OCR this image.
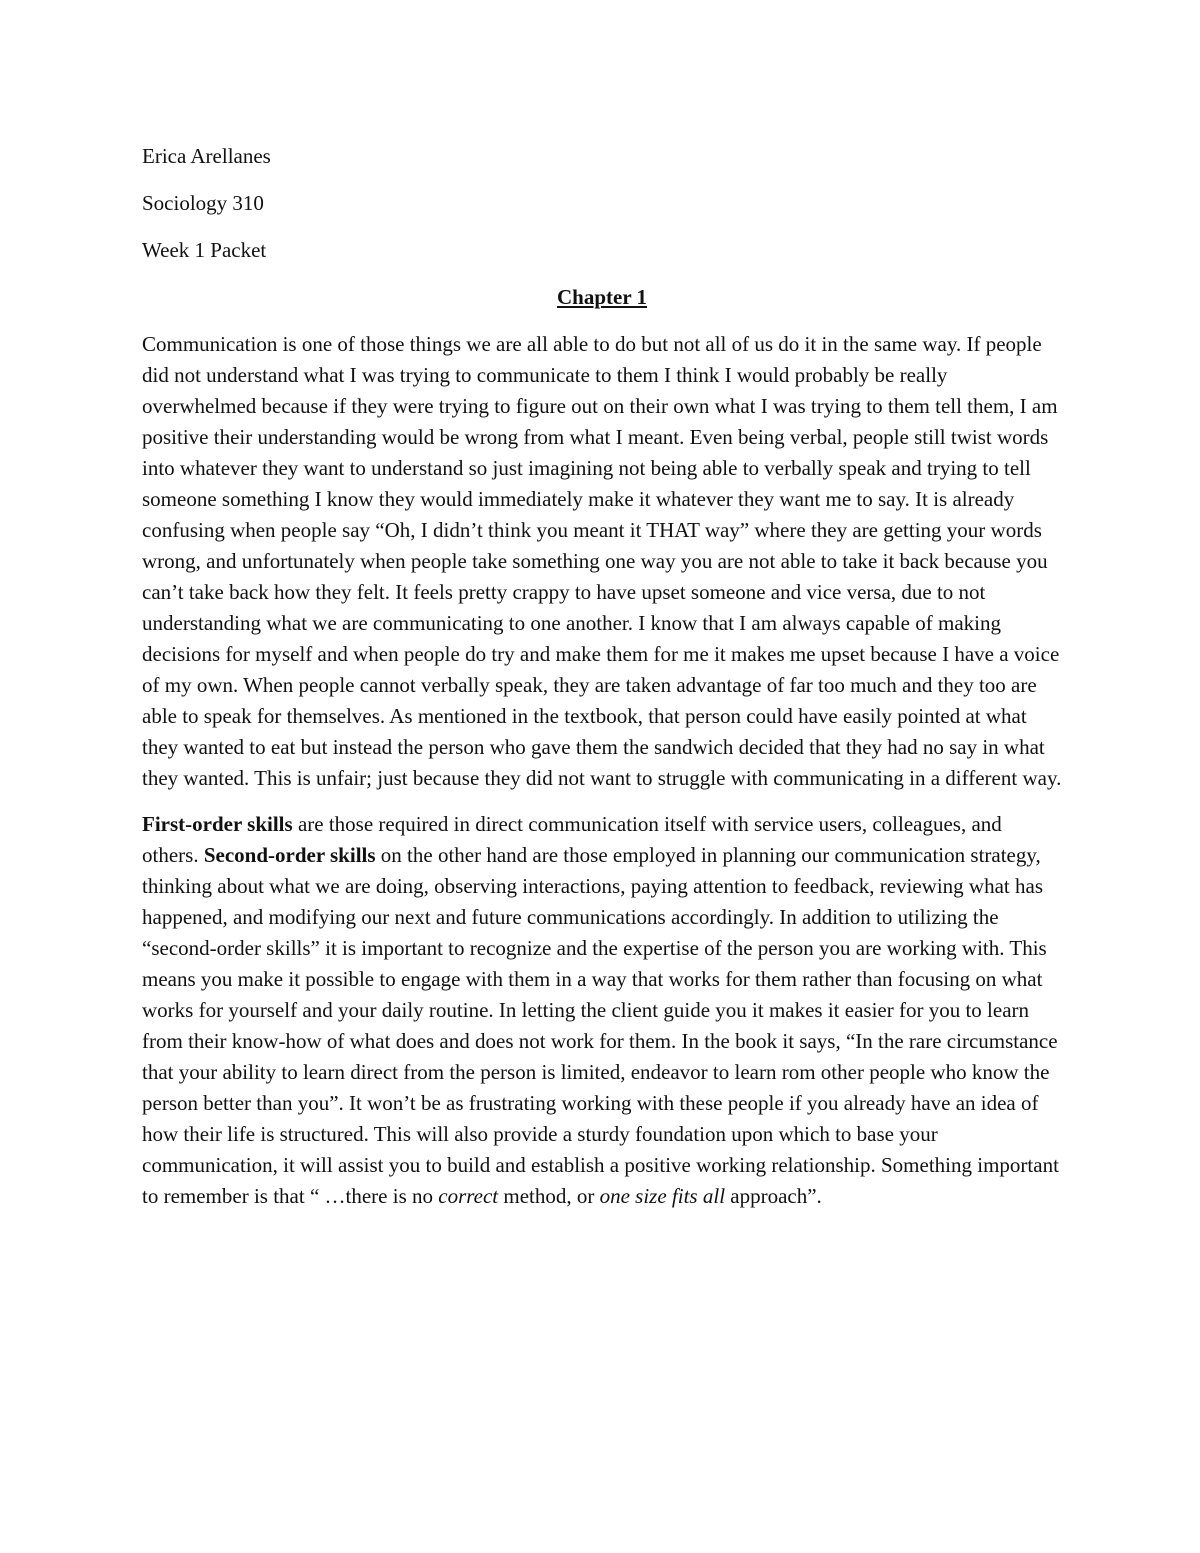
Erica Arellanes

Sociology 310

Week 1 Packet

Chapter 1

Communication is one of those things we are all able to do but not all of us do it in the same way. If people did not understand what I was trying to communicate to them I think I would probably be really overwhelmed because if they were trying to figure out on their own what I was trying to them tell them, I am positive their understanding would be wrong from what I meant. Even being verbal, people still twist words into whatever they want to understand so just imagining not being able to verbally speak and trying to tell someone something I know they would immediately make it whatever they want me to say. It is already confusing when people say “Oh, I didn’t think you meant it THAT way” where they are getting your words wrong, and unfortunately when people take something one way you are not able to take it back because you can’t take back how they felt. It feels pretty crappy to have upset someone and vice versa, due to not understanding what we are communicating to one another. I know that I am always capable of making decisions for myself and when people do try and make them for me it makes me upset because I have a voice of my own. When people cannot verbally speak, they are taken advantage of far too much and they too are able to speak for themselves. As mentioned in the textbook, that person could have easily pointed at what they wanted to eat but instead the person who gave them the sandwich decided that they had no say in what they wanted. This is unfair; just because they did not want to struggle with communicating in a different way.

First-order skills are those required in direct communication itself with service users, colleagues, and others. Second-order skills on the other hand are those employed in planning our communication strategy, thinking about what we are doing, observing interactions, paying attention to feedback, reviewing what has happened, and modifying our next and future communications accordingly. In addition to utilizing the “second-order skills” it is important to recognize and the expertise of the person you are working with. This means you make it possible to engage with them in a way that works for them rather than focusing on what works for yourself and your daily routine. In letting the client guide you it makes it easier for you to learn from their know-how of what does and does not work for them. In the book it says, “In the rare circumstance that your ability to learn direct from the person is limited, endeavor to learn rom other people who know the person better than you”. It won’t be as frustrating working with these people if you already have an idea of how their life is structured. This will also provide a sturdy foundation upon which to base your communication, it will assist you to build and establish a positive working relationship. Something important to remember is that “ …there is no correct method, or one size fits all approach”.
